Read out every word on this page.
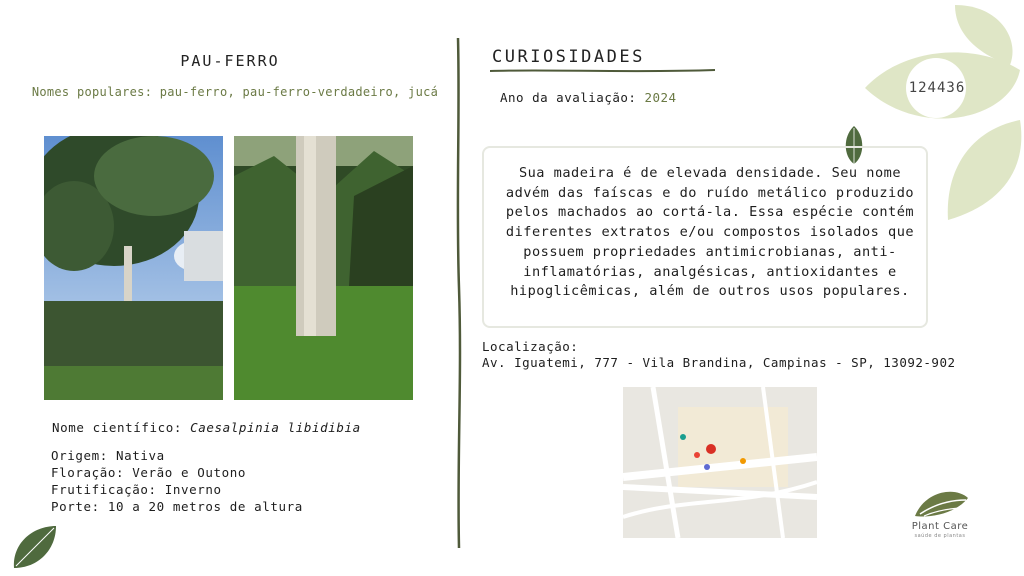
PAU-FERRO
Nomes populares: pau-ferro, pau-ferro-verdadeiro, jucá
Nome científico: Caesalpinia libidibia
Origem: Nativa
Floração: Verão e Outono
Frutificação: Inverno
Porte: 10 a 20 metros de altura
CURIOSIDADES
Ano da avaliação: 2024
Sua madeira é de elevada densidade. Seu nome advém das faíscas e do ruído metálico produzido pelos machados ao cortá-la. Essa espécie contém diferentes extratos e/ou compostos isolados que possuem propriedades antimicrobianas, anti-inflamatórias, analgésicas, antioxidantes e hipoglicêmicas, além de outros usos populares.
Localização:
Av. Iguatemi, 777 - Vila Brandina, Campinas - SP, 13092-902
124436
Plant Care
saúde de plantas
